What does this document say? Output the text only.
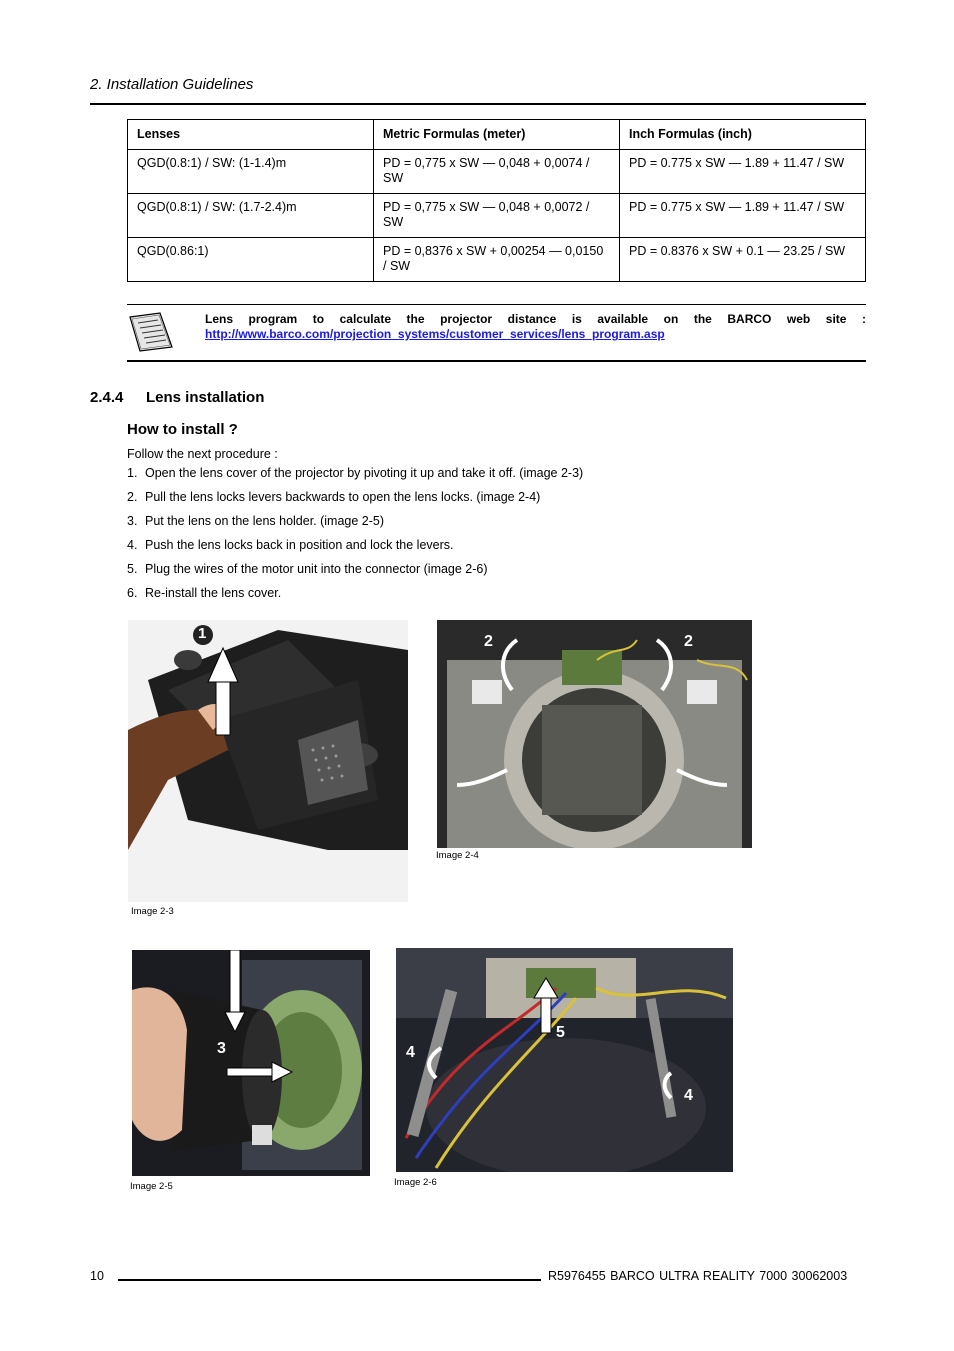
2. Installation Guidelines
Lenses	Metric Formulas (meter)	Inch Formulas (inch)
QGD(0.8:1) / SW: (1-1.4)m	PD = 0,775 x SW — 0,048 + 0,0074 / SW	PD = 0.775 x SW — 1.89 + 11.47 / SW
QGD(0.8:1) / SW: (1.7-2.4)m	PD = 0,775 x SW — 0,048 + 0,0072 / SW	PD = 0.775 x SW — 1.89 + 11.47 / SW
QGD(0.86:1)	PD = 0,8376 x SW + 0,00254 — 0,0150 / SW	PD = 0.8376 x SW + 0.1 — 23.25 / SW
Lens program to calculate the projector distance is available on the BARCO web site :
http://www.barco.com/projection_systems/customer_services/lens_program.asp
2.4.4 Lens installation
How to install ?
Follow the next procedure :
1. Open the lens cover of the projector by pivoting it up and take it off. (image 2-3)
2. Pull the lens locks levers backwards to open the lens locks. (image 2-4)
3. Put the lens on the lens holder. (image 2-5)
4. Push the lens locks back in position and lock the levers.
5. Plug the wires of the motor unit into the connector (image 2-6)
6. Re-install the lens cover.
Image 2-3
1	2	2
Image 2-4
3
Image 2-5
4
5
4
Image 2-6
10	R5976455 BARCO ULTRA REALITY 7000 30062003
